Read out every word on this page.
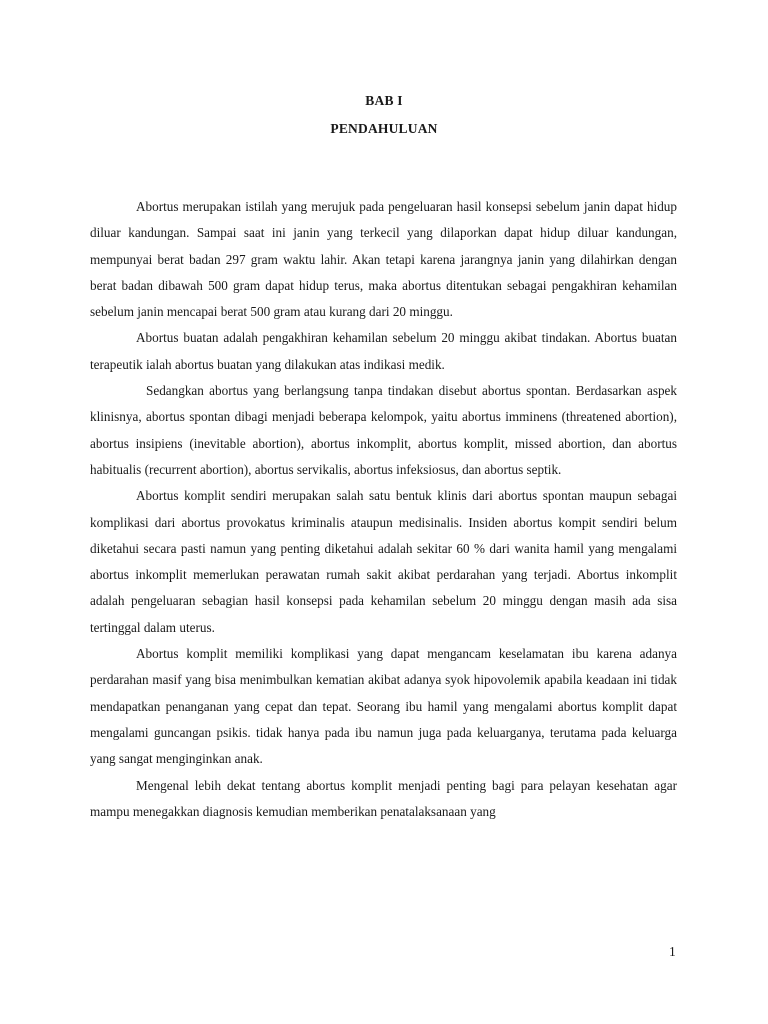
BAB I
PENDAHULUAN

Abortus merupakan istilah yang merujuk pada pengeluaran hasil konsepsi sebelum janin dapat hidup diluar kandungan. Sampai saat ini janin yang terkecil yang dilaporkan dapat hidup diluar kandungan, mempunyai berat badan 297 gram waktu lahir. Akan tetapi karena jarangnya janin yang dilahirkan dengan berat badan dibawah 500 gram dapat hidup terus, maka abortus ditentukan sebagai pengakhiran kehamilan sebelum janin mencapai berat 500 gram atau kurang dari 20 minggu.

Abortus buatan adalah pengakhiran kehamilan sebelum 20 minggu akibat tindakan. Abortus buatan terapeutik ialah abortus buatan yang dilakukan atas indikasi medik.

Sedangkan abortus yang berlangsung tanpa tindakan disebut abortus spontan. Berdasarkan aspek klinisnya, abortus spontan dibagi menjadi beberapa kelompok, yaitu abortus imminens (threatened abortion), abortus insipiens (inevitable abortion), abortus inkomplit, abortus komplit, missed abortion, dan abortus habitualis (recurrent abortion), abortus servikalis, abortus infeksiosus, dan abortus septik.

Abortus komplit sendiri merupakan salah satu bentuk klinis dari abortus spontan maupun sebagai komplikasi dari abortus provokatus kriminalis ataupun medisinalis. Insiden abortus kompit sendiri belum diketahui secara pasti namun yang penting diketahui adalah sekitar 60 % dari wanita hamil yang mengalami abortus inkomplit memerlukan perawatan rumah sakit akibat perdarahan yang terjadi. Abortus inkomplit adalah pengeluaran sebagian hasil konsepsi pada kehamilan sebelum 20 minggu dengan masih ada sisa tertinggal dalam uterus.

Abortus komplit memiliki komplikasi yang dapat mengancam keselamatan ibu karena adanya perdarahan masif yang bisa menimbulkan kematian akibat adanya syok hipovolemik apabila keadaan ini tidak mendapatkan penanganan yang cepat dan tepat. Seorang ibu hamil yang mengalami abortus komplit dapat mengalami guncangan psikis. tidak hanya pada ibu namun juga pada keluarganya, terutama pada keluarga yang sangat menginginkan anak.

Mengenal lebih dekat tentang abortus komplit menjadi penting bagi para pelayan kesehatan agar mampu menegakkan diagnosis kemudian memberikan penatalaksanaan yang

1
